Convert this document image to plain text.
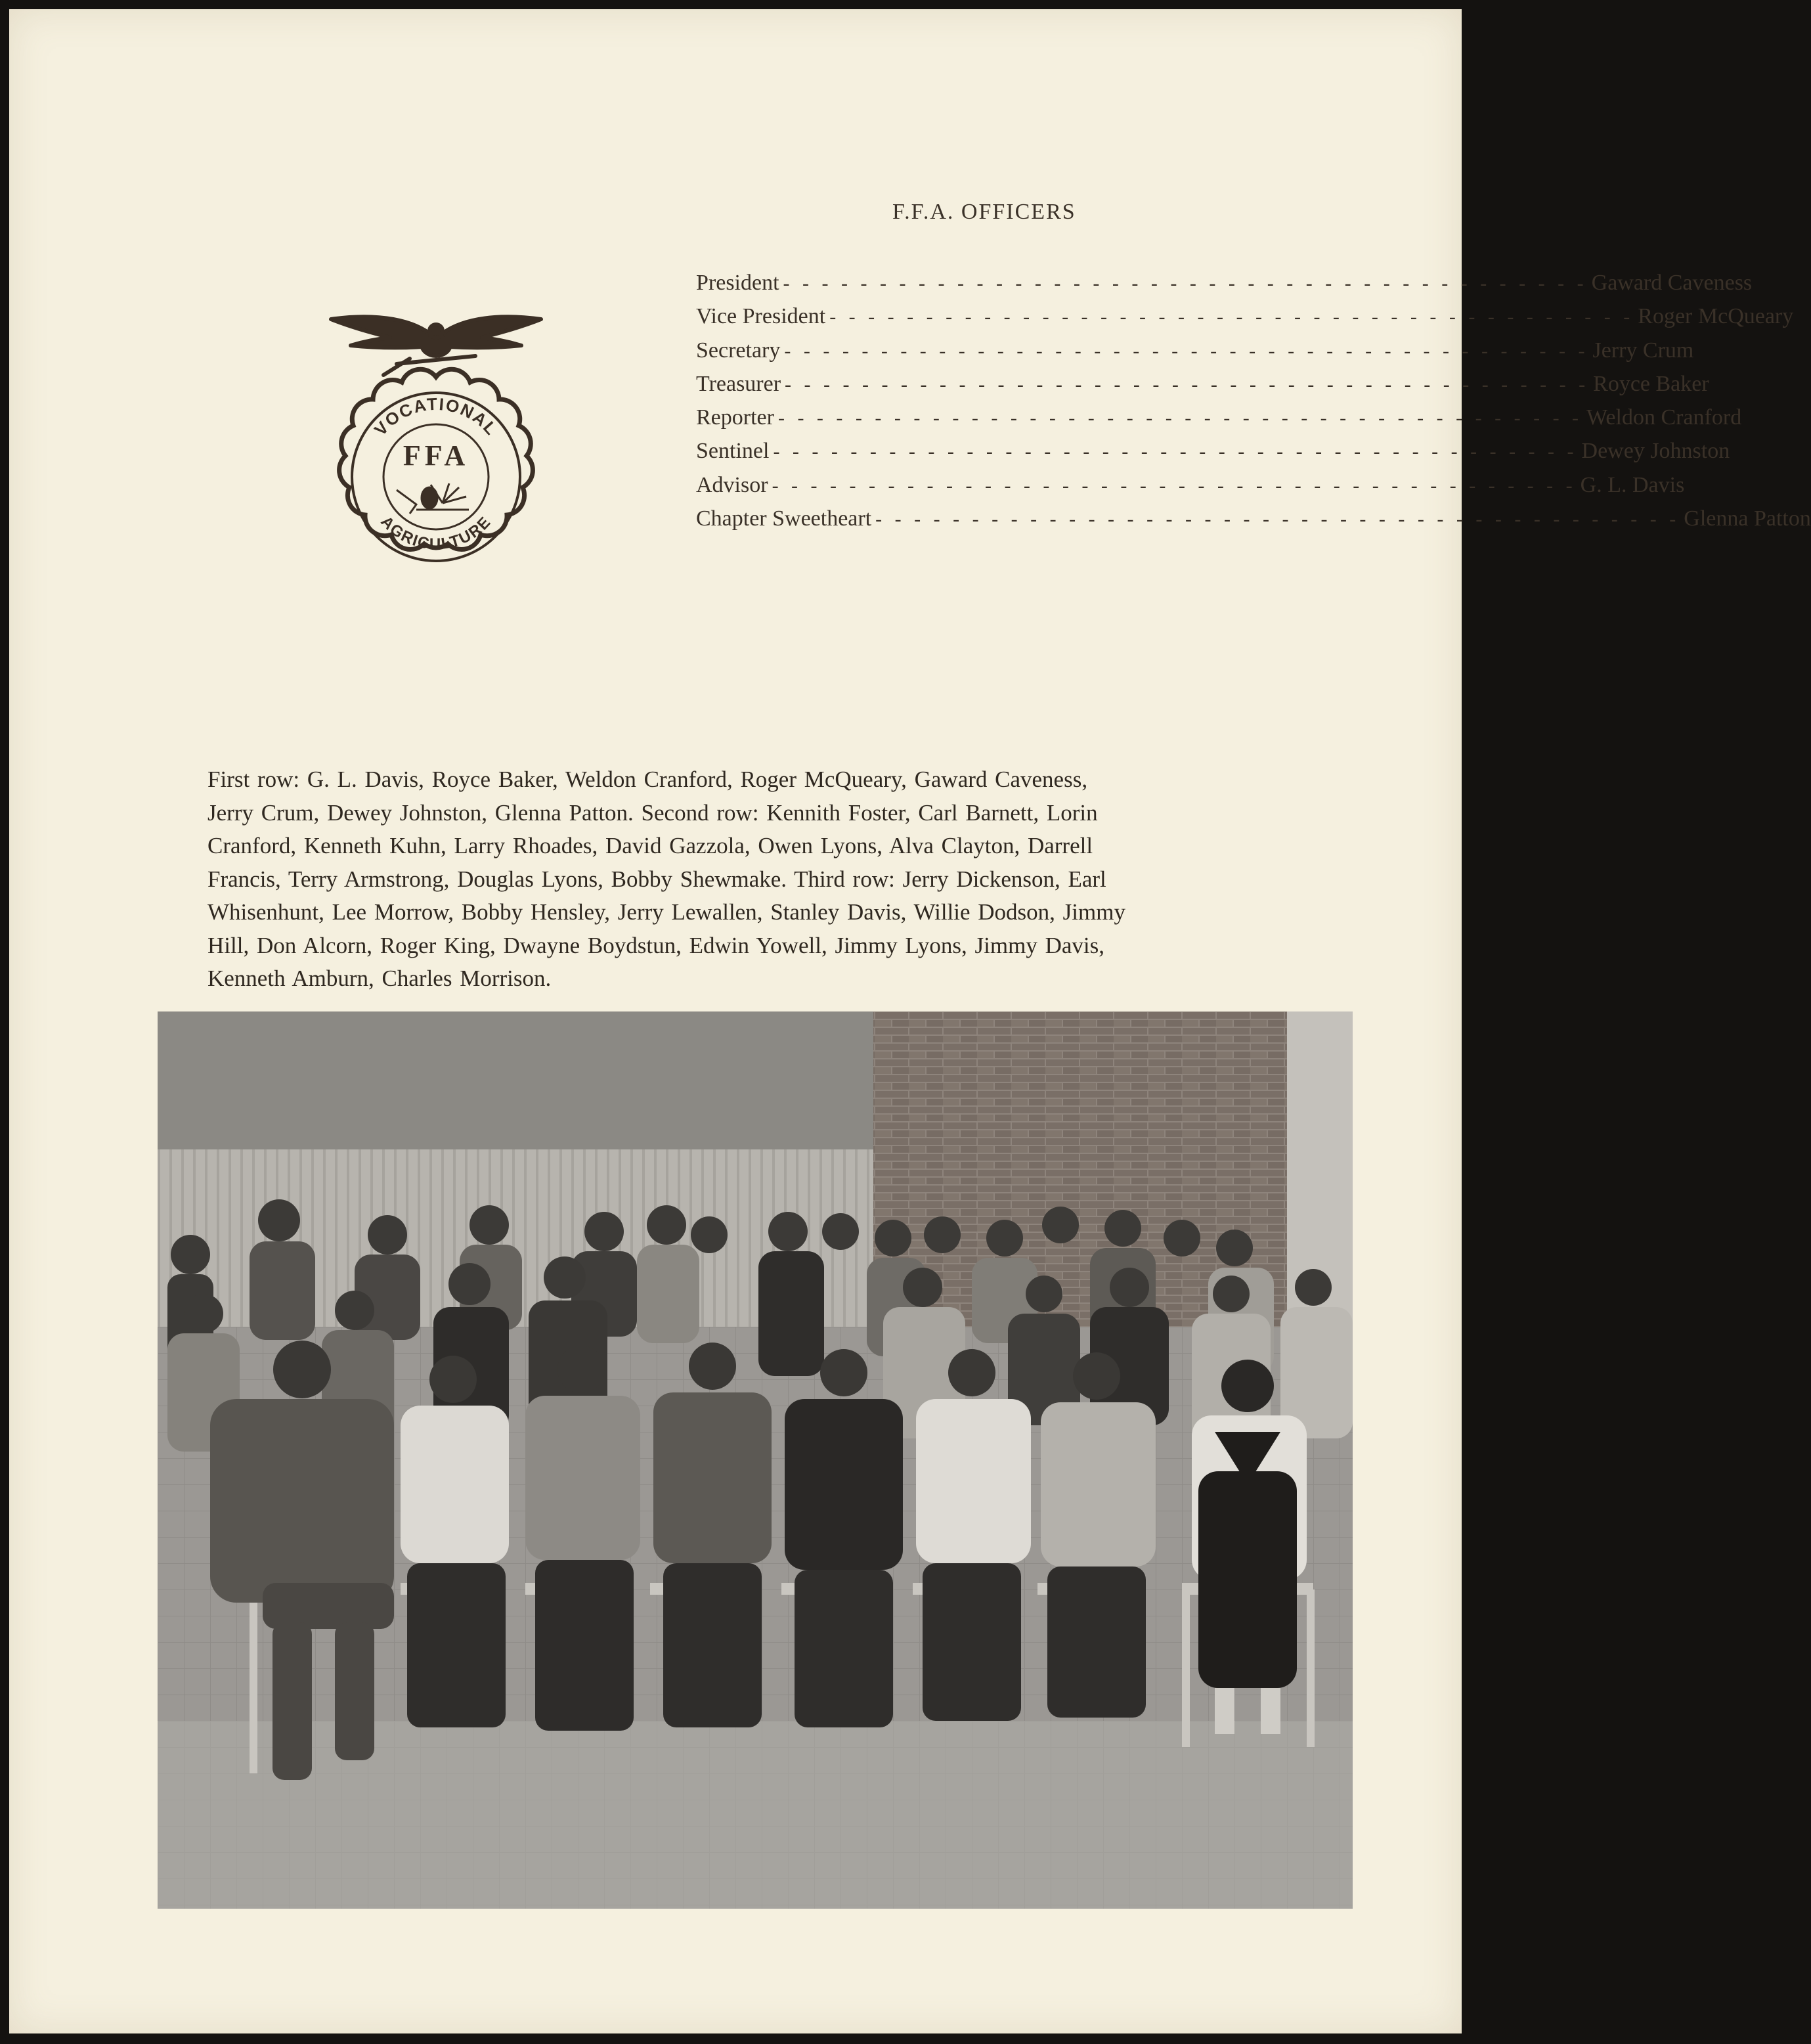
F.F.A. OFFICERS
VOCATIONAL
AGRICULTURE
FFA
President - - - - - - - - - - - - - - - - - - - - - - - - - - - - - - - - - - - - - - - - - - Gaward Caveness
Vice President - - - - - - - - - - - - - - - - - - - - - - - - - - - - - - - - - - - - - - - - - - Roger McQueary
Secretary - - - - - - - - - - - - - - - - - - - - - - - - - - - - - - - - - - - - - - - - - - Jerry Crum
Treasurer - - - - - - - - - - - - - - - - - - - - - - - - - - - - - - - - - - - - - - - - - - Royce Baker
Reporter - - - - - - - - - - - - - - - - - - - - - - - - - - - - - - - - - - - - - - - - - - Weldon Cranford
Sentinel - - - - - - - - - - - - - - - - - - - - - - - - - - - - - - - - - - - - - - - - - - Dewey Johnston
Advisor - - - - - - - - - - - - - - - - - - - - - - - - - - - - - - - - - - - - - - - - - - G. L. Davis
Chapter Sweetheart - - - - - - - - - - - - - - - - - - - - - - - - - - - - - - - - - - - - - - - - - - Glenna Patton
First row: G. L. Davis, Royce Baker, Weldon Cranford, Roger McQueary, Gaward Caveness,
Jerry Crum, Dewey Johnston, Glenna Patton. Second row: Kennith Foster, Carl Barnett, Lorin
Cranford, Kenneth Kuhn, Larry Rhoades, David Gazzola, Owen Lyons, Alva Clayton, Darrell
Francis, Terry Armstrong, Douglas Lyons, Bobby Shewmake. Third row: Jerry Dickenson, Earl
Whisenhunt, Lee Morrow, Bobby Hensley, Jerry Lewallen, Stanley Davis, Willie Dodson, Jimmy
Hill, Don Alcorn, Roger King, Dwayne Boydstun, Edwin Yowell, Jimmy Lyons, Jimmy Davis,
Kenneth Amburn, Charles Morrison.
